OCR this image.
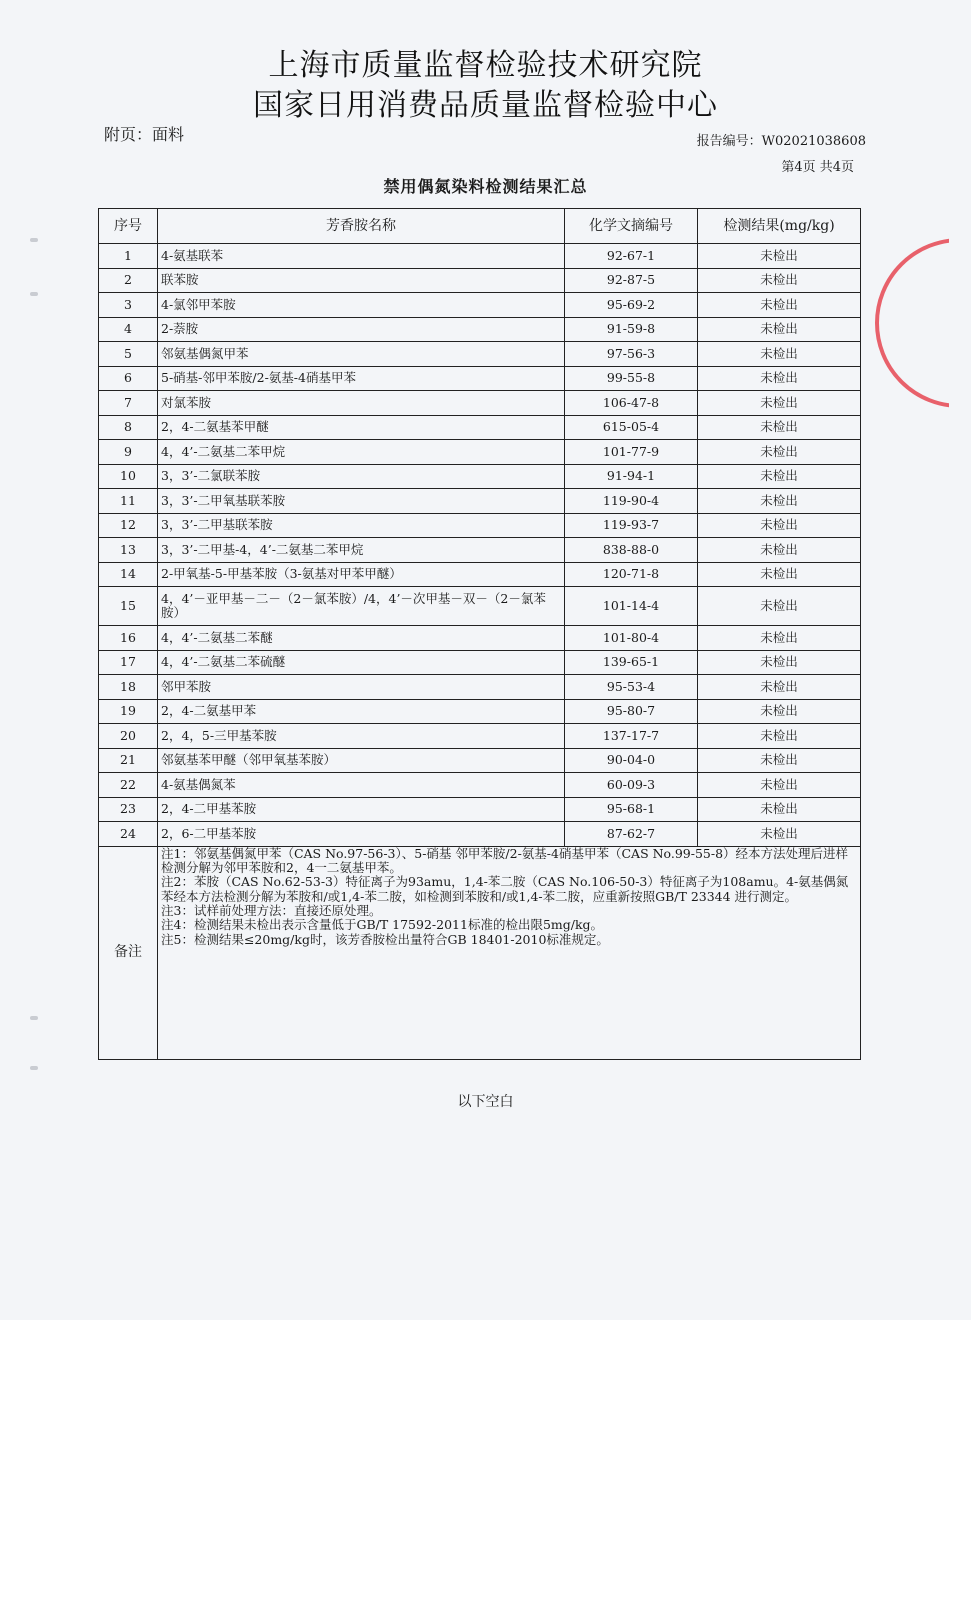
上海市质量监督检验技术研究院
国家日用消费品质量监督检验中心
附页：面料	报告编号：W02021038608
第4页 共4页
禁用偶氮染料检测结果汇总
序号	芳香胺名称	化学文摘编号	检测结果(mg/kg)
1	4-氨基联苯	92-67-1	未检出
2	联苯胺	92-87-5	未检出
3	4-氯邻甲苯胺	95-69-2	未检出
4	2-萘胺	91-59-8	未检出
5	邻氨基偶氮甲苯	97-56-3	未检出
6	5-硝基-邻甲苯胺/2-氨基-4硝基甲苯	99-55-8	未检出
7	对氯苯胺	106-47-8	未检出
8	2，4-二氨基苯甲醚	615-05-4	未检出
9	4，4’-二氨基二苯甲烷	101-77-9	未检出
10	3，3’-二氯联苯胺	91-94-1	未检出
11	3，3’-二甲氧基联苯胺	119-90-4	未检出
12	3，3’-二甲基联苯胺	119-93-7	未检出
13	3，3’-二甲基-4，4’-二氨基二苯甲烷	838-88-0	未检出
14	2-甲氧基-5-甲基苯胺（3-氨基对甲苯甲醚）	120-71-8	未检出
15	4，4’－亚甲基－二－（2－氯苯胺）/4，4’－次甲基－双－（2－氯苯胺）	101-14-4	未检出
16	4，4’-二氨基二苯醚	101-80-4	未检出
17	4，4’-二氨基二苯硫醚	139-65-1	未检出
18	邻甲苯胺	95-53-4	未检出
19	2，4-二氨基甲苯	95-80-7	未检出
20	2，4，5-三甲基苯胺	137-17-7	未检出
21	邻氨基苯甲醚（邻甲氧基苯胺）	90-04-0	未检出
22	4-氨基偶氮苯	60-09-3	未检出
23	2，4-二甲基苯胺	95-68-1	未检出
24	2，6-二甲基苯胺	87-62-7	未检出
备注	注1：邻氨基偶氮甲苯（CAS No.97-56-3）、5-硝基 邻甲苯胺/2-氨基-4硝基甲苯（CAS No.99-55-8）经本方法处理后进样检测分解为邻甲苯胺和2，4一二氨基甲苯。
注2：苯胺（CAS No.62-53-3）特征离子为93amu，1,4-苯二胺（CAS No.106-50-3）特征离子为108amu。4-氨基偶氮苯经本方法检测分解为苯胺和/或1,4-苯二胺，如检测到苯胺和/或1,4-苯二胺，应重新按照GB/T 23344 进行测定。
注3：试样前处理方法：直接还原处理。
注4：检测结果未检出表示含量低于GB/T 17592-2011标准的检出限5mg/kg。
注5：检测结果≤20mg/kg时，该芳香胺检出量符合GB 18401-2010标准规定。		
以下空白
